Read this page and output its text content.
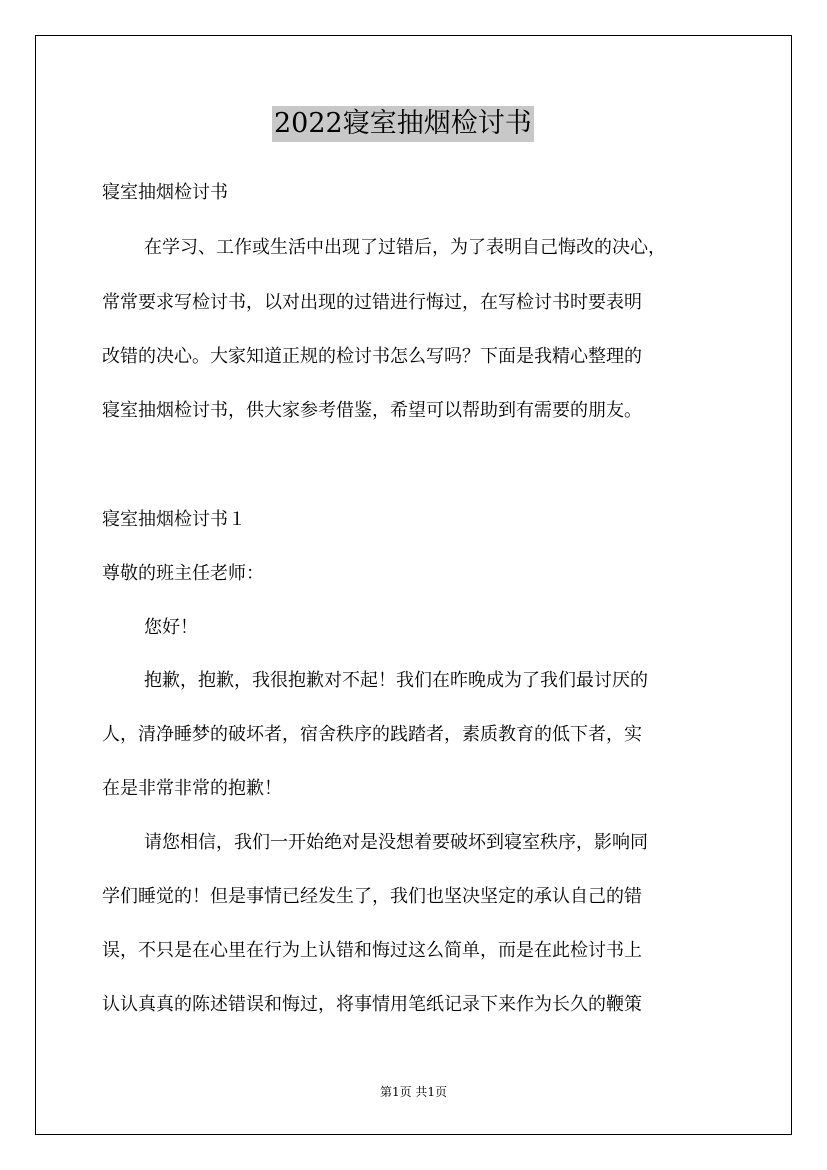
2022寝室抽烟检讨书
寝室抽烟检讨书
在学习、工作或生活中出现了过错后，为了表明自己悔改的决心，
常常要求写检讨书，以对出现的过错进行悔过，在写检讨书时要表明
改错的决心。大家知道正规的检讨书怎么写吗？下面是我精心整理的
寝室抽烟检讨书，供大家参考借鉴，希望可以帮助到有需要的朋友。
寝室抽烟检讨书１
尊敬的班主任老师：
您好！
抱歉，抱歉，我很抱歉对不起！我们在昨晚成为了我们最讨厌的
人，清净睡梦的破坏者，宿舍秩序的践踏者，素质教育的低下者，实
在是非常非常的抱歉！
请您相信，我们一开始绝对是没想着要破坏到寝室秩序，影响同
学们睡觉的！但是事情已经发生了，我们也坚决坚定的承认自己的错
误，不只是在心里在行为上认错和悔过这么简单，而是在此检讨书上
认认真真的陈述错误和悔过，将事情用笔纸记录下来作为长久的鞭策
第1页 共1页
